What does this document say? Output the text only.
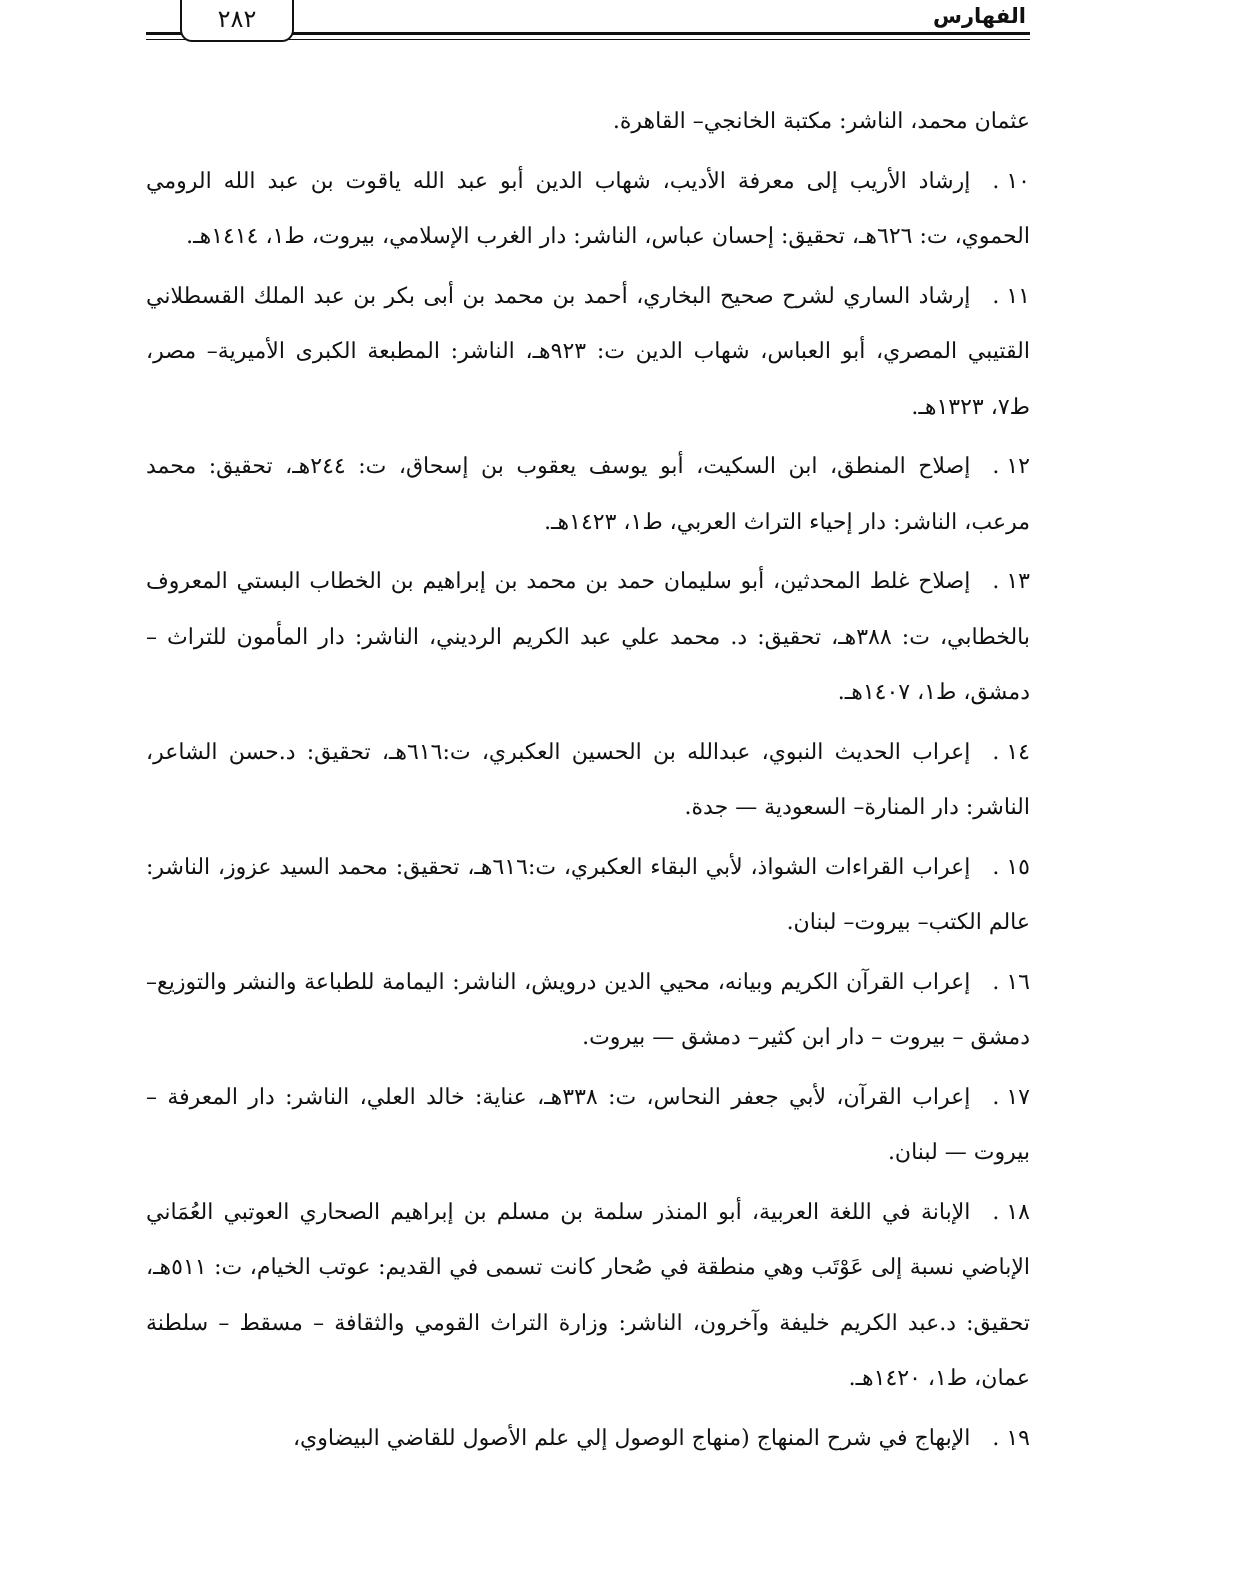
٢٨٢	الفهارس

عثمان محمد، الناشر: مكتبة الخانجي– القاهرة.

١٠ .إرشاد الأريب إلى معرفة الأديب، شهاب الدين أبو عبد الله ياقوت بن عبد الله الرومي الحموي، ت: ٦٢٦هـ، تحقيق: إحسان عباس، الناشر: دار الغرب الإسلامي، بيروت، ط١، ١٤١٤هـ.

١١ .إرشاد الساري لشرح صحيح البخاري، أحمد بن محمد بن أبى بكر بن عبد الملك القسطلاني القتيبي المصري، أبو العباس، شهاب الدين ت: ٩٢٣هـ، الناشر: المطبعة الكبرى الأميرية– مصر، ط٧، ١٣٢٣هـ.

١٢ .إصلاح المنطق، ابن السكيت، أبو يوسف يعقوب بن إسحاق، ت: ٢٤٤هـ، تحقيق: محمد مرعب، الناشر: دار إحياء التراث العربي، ط١، ١٤٢٣هـ.

١٣ .إصلاح غلط المحدثين، أبو سليمان حمد بن محمد بن إبراهيم بن الخطاب البستي المعروف بالخطابي، ت: ٣٨٨هـ، تحقيق: د. محمد علي عبد الكريم الرديني، الناشر: دار المأمون للتراث – دمشق، ط١، ١٤٠٧هـ.

١٤ .إعراب الحديث النبوي، عبدالله بن الحسين العكبري، ت:٦١٦هـ، تحقيق: د.حسن الشاعر، الناشر: دار المنارة– السعودية — جدة.

١٥ .إعراب القراءات الشواذ، لأبي البقاء العكبري، ت:٦١٦هـ، تحقيق: محمد السيد عزوز، الناشر: عالم الكتب– بيروت– لبنان.

١٦ .إعراب القرآن الكريم وبيانه، محيي الدين درويش، الناشر: اليمامة للطباعة والنشر والتوزيع– دمشق – بيروت – دار ابن كثير– دمشق — بيروت.

١٧ .إعراب القرآن، لأبي جعفر النحاس، ت: ٣٣٨هـ، عناية: خالد العلي، الناشر: دار المعرفة – بيروت — لبنان.

١٨ .الإبانة في اللغة العربية، أبو المنذر سلمة بن مسلم بن إبراهيم الصحاري العوتبي العُمَاني الإباضي نسبة إلى عَوْتَب وهي منطقة في صُحار كانت تسمى في القديم: عوتب الخيام، ت: ٥١١هـ، تحقيق: د.عبد الكريم خليفة وآخرون، الناشر: وزارة التراث القومي والثقافة – مسقط – سلطنة عمان، ط١، ١٤٢٠هـ.

١٩ .الإبهاج في شرح المنهاج (منهاج الوصول إلي علم الأصول للقاضي البيضاوي،
